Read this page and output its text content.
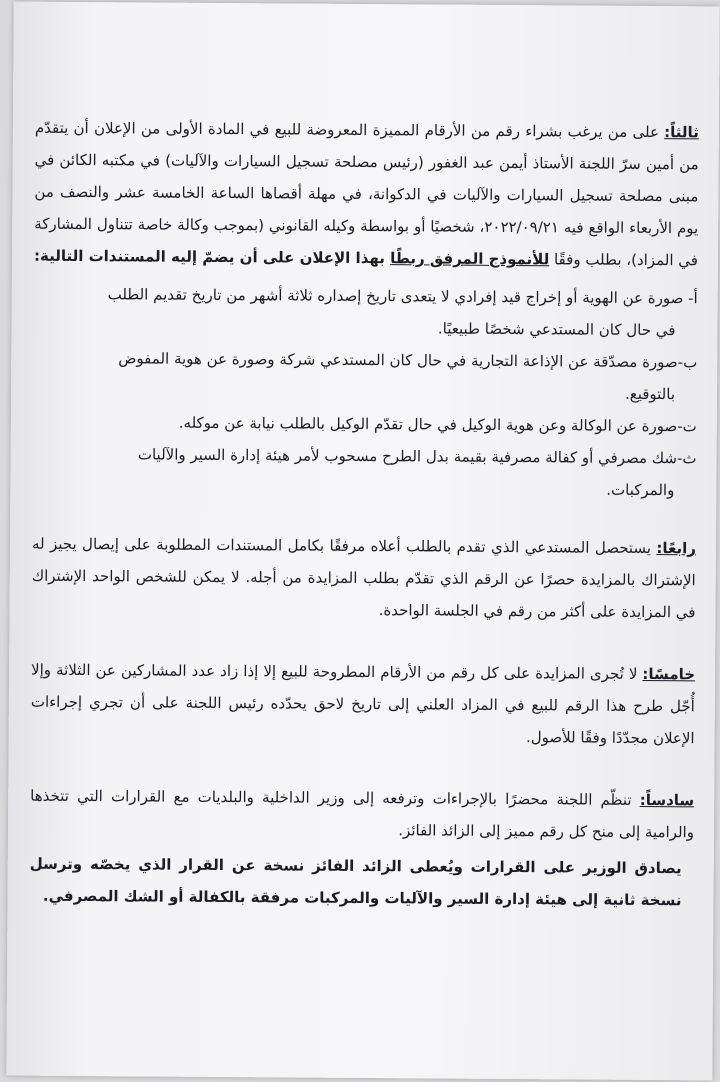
ثالثاً: على من يرغب بشراء رقم من الأرقام المميزة المعروضة للبيع في المادة الأولى من الإعلان أن يتقدّم من أمين سرّ اللجنة الأستاذ أيمن عبد الغفور (رئيس مصلحة تسجيل السيارات والآليات) في مكتبه الكائن في مبنى مصلحة تسجيل السيارات والآليات في الدكوانة، في مهلة أقصاها الساعة الخامسة عشر والنصف من يوم الأربعاء الواقع فيه ٢٠٢٢/٠٩/٢١، شخصيًا أو بواسطة وكيله القانوني (بموجب وكالة خاصة تتناول المشاركة في المزاد)، بطلب وفقًا للأنموذج المرفق ربطًا بهذا الإعلان على أن يضمّ إليه المستندات التالية:

أ- صورة عن الهوية أو إخراج قيد إفرادي لا يتعدى تاريخ إصداره ثلاثة أشهر من تاريخ تقديم الطلب
في حال كان المستدعي شخصًا طبيعيًا.

ب-صورة مصدّقة عن الإذاعة التجارية في حال كان المستدعي شركة وصورة عن هوية المفوض
بالتوقيع.

ت-صورة عن الوكالة وعن هوية الوكيل في حال تقدّم الوكيل بالطلب نيابة عن موكله.

ث-شك مصرفي أو كفالة مصرفية بقيمة بدل الطرح مسحوب لأمر هيئة إدارة السير والآليات
والمركبات.

رابعًا: يستحصل المستدعي الذي تقدم بالطلب أعلاه مرفقًا بكامل المستندات المطلوبة على إيصال يجيز له الإشتراك بالمزايدة حصرًا عن الرقم الذي تقدّم بطلب المزايدة من أجله. لا يمكن للشخص الواحد الإشتراك في المزايدة على أكثر من رقم في الجلسة الواحدة.

خامسًا: لا تُجرى المزايدة على كل رقم من الأرقام المطروحة للبيع إلا إذا زاد عدد المشاركين عن الثلاثة وإلا أُجّل طرح هذا الرقم للبيع في المزاد العلني إلى تاريخ لاحق يحدّده رئيس اللجنة على أن تجري إجراءات الإعلان مجدّدًا وفقًا للأصول.

سادساً: تنظّم اللجنة محضرًا بالإجراءات وترفعه إلى وزير الداخلية والبلديات مع القرارات التي تتخذها والرامية إلى منح كل رقم مميز إلى الزائد الفائز.

يصادق الوزير على القرارات ويُعطى الزائد الفائز نسخة عن القرار الذي يخصّه وترسل نسخة ثانية إلى هيئة إدارة السير والآليات والمركبات مرفقة بالكفالة أو الشك المصرفي.
